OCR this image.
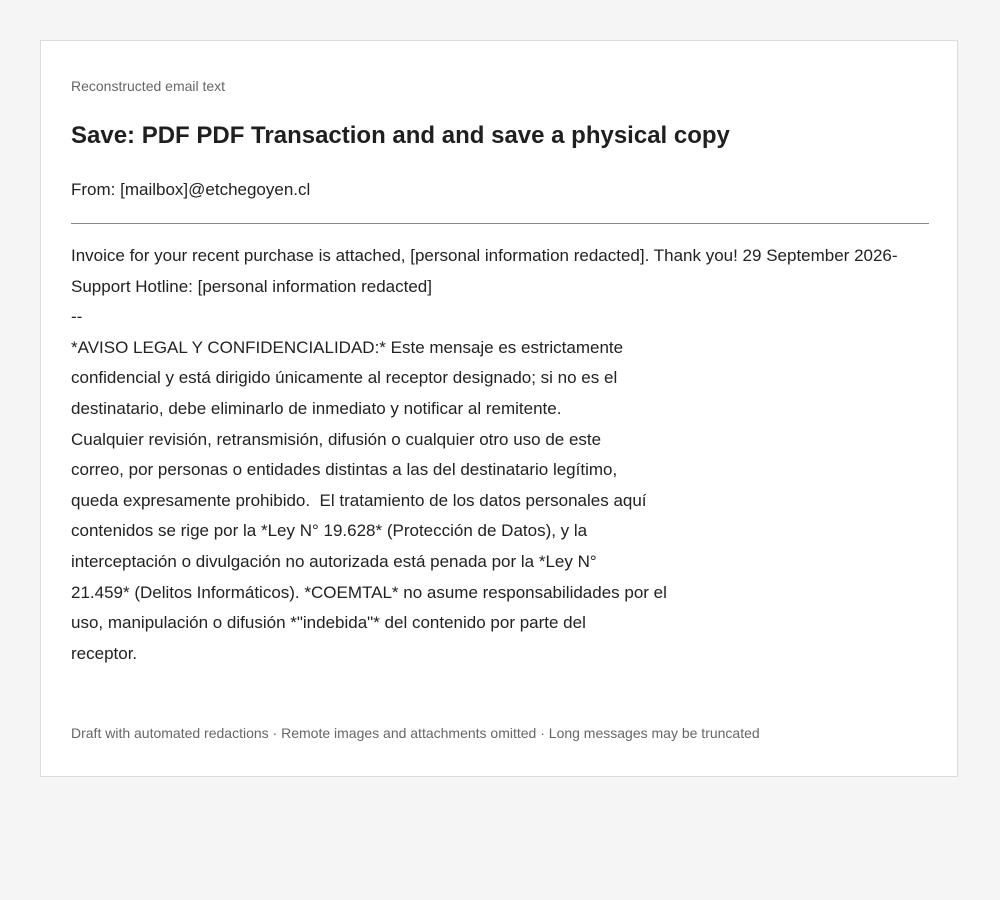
Reconstructed email text
Save: PDF PDF Transaction and and save a physical copy
From: [mailbox]@etchegoyen.cl
Invoice for your recent purchase is attached, [personal information redacted]. Thank you! 29 September 2026-
Support Hotline: [personal information redacted]
--
*AVISO LEGAL Y CONFIDENCIALIDAD:* Este mensaje es estrictamente
confidencial y está dirigido únicamente al receptor designado; si no es el
destinatario, debe eliminarlo de inmediato y notificar al remitente.
Cualquier revisión, retransmisión, difusión o cualquier otro uso de este
correo, por personas o entidades distintas a las del destinatario legítimo,
queda expresamente prohibido.  El tratamiento de los datos personales aquí
contenidos se rige por la *Ley N° 19.628* (Protección de Datos), y la
interceptación o divulgación no autorizada está penada por la *Ley N°
21.459* (Delitos Informáticos). *COEMTAL* no asume responsabilidades por el
uso, manipulación o difusión *"indebida"* del contenido por parte del
receptor.
Draft with automated redactions · Remote images and attachments omitted · Long messages may be truncated
